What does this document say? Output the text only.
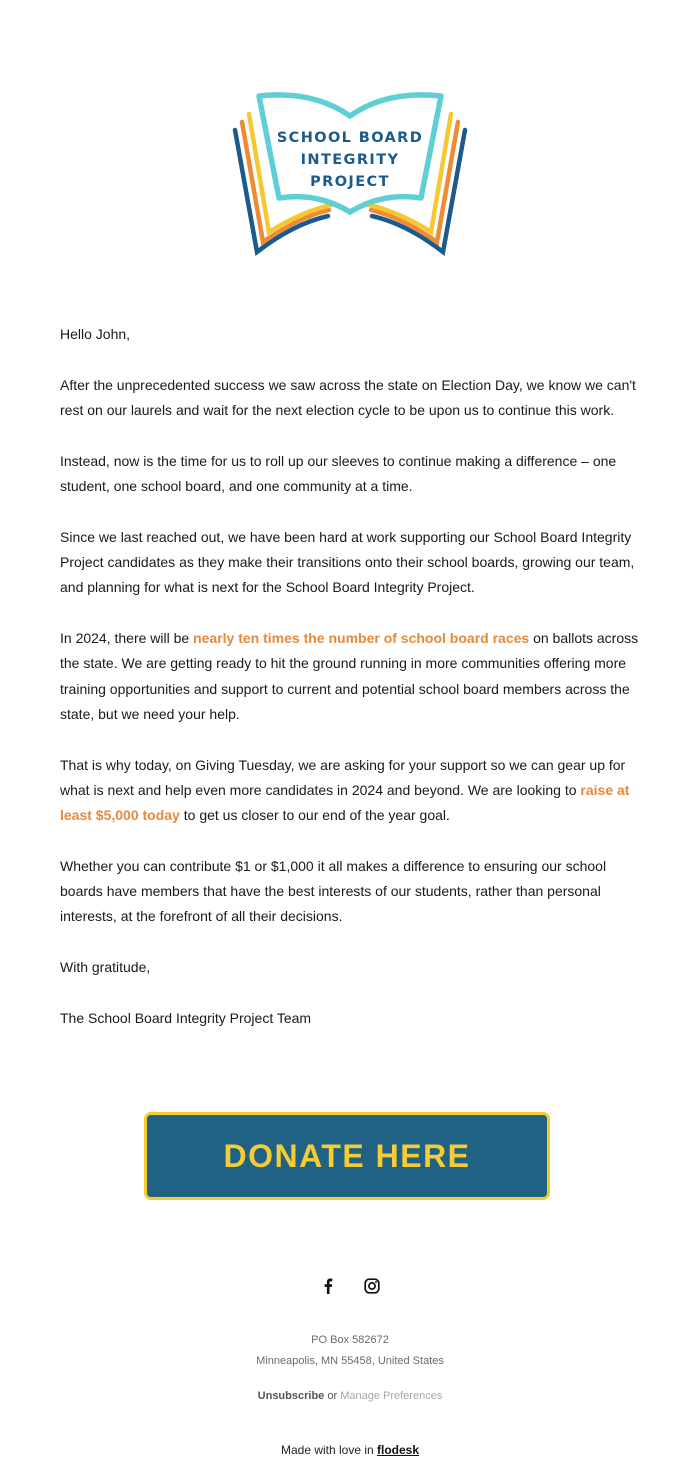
SCHOOL BOARD
INTEGRITY
PROJECT

Hello John,

After the unprecedented success we saw across the state on Election Day, we know we can't rest on our laurels and wait for the next election cycle to be upon us to continue this work.

Instead, now is the time for us to roll up our sleeves to continue making a difference – one student, one school board, and one community at a time.

Since we last reached out, we have been hard at work supporting our School Board Integrity Project candidates as they make their transitions onto their school boards, growing our team, and planning for what is next for the School Board Integrity Project.

In 2024, there will be nearly ten times the number of school board races on ballots across the state. We are getting ready to hit the ground running in more communities offering more training opportunities and support to current and potential school board members across the state, but we need your help.

That is why today, on Giving Tuesday, we are asking for your support so we can gear up for what is next and help even more candidates in 2024 and beyond. We are looking to raise at least $5,000 today to get us closer to our end of the year goal.

Whether you can contribute $1 or $1,000 it all makes a difference to ensuring our school boards have members that have the best interests of our students, rather than personal interests, at the forefront of all their decisions.

With gratitude,

The School Board Integrity Project Team

DONATE HERE
PO Box 582672
Minneapolis, MN 55458, United States
Unsubscribe or Manage Preferences
Made with love in flodesk
